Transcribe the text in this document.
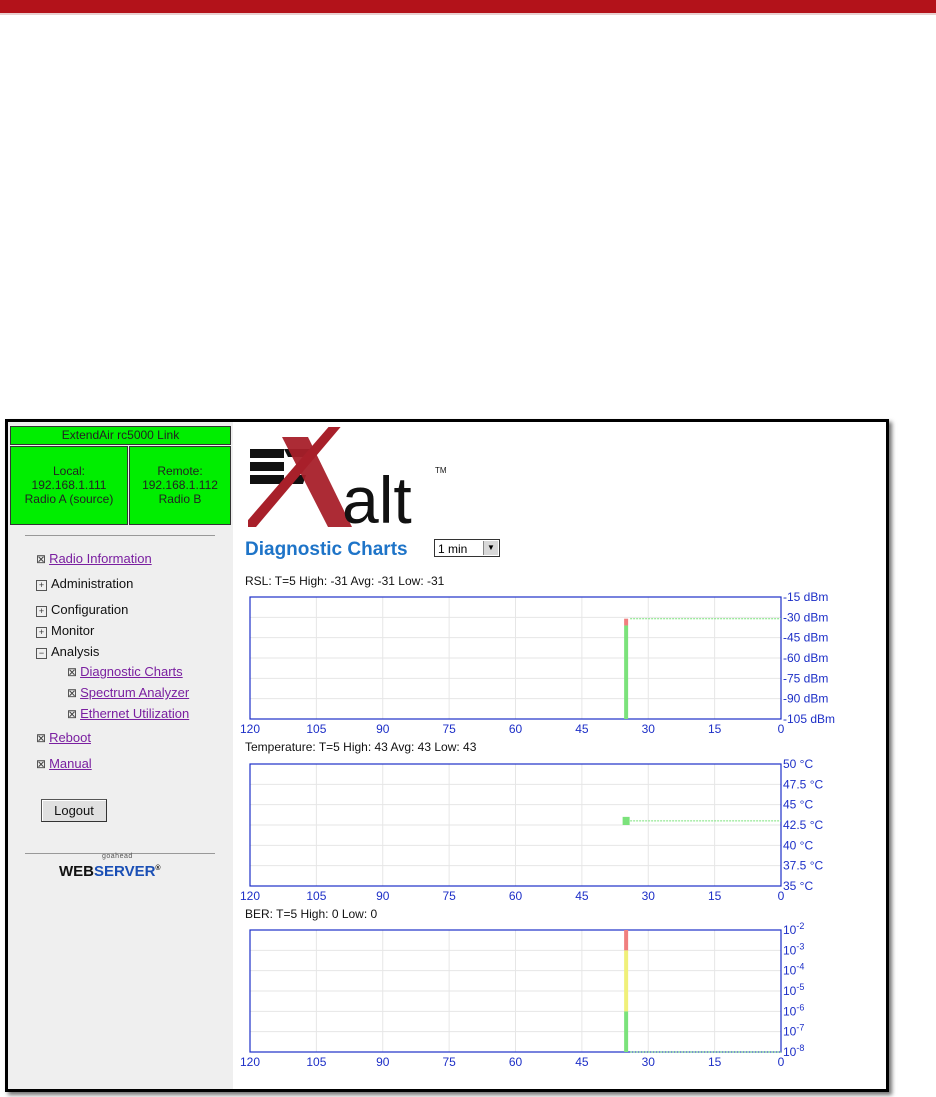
ExtendAir rc5000 Link
Local:
192.168.1.111
Radio A (source)
Remote:
192.168.1.112
Radio B
⊠ Radio Information
+ Administration
+ Configuration
+ Monitor
− Analysis
⊠ Diagnostic Charts
⊠ Spectrum Analyzer
⊠ Ethernet Utilization
⊠ Reboot
⊠ Manual
Logout
goahead
WEBSERVER®
alt	TM
Diagnostic Charts	1 min	▼
RSL: T=5 High: -31 Avg: -31 Low: -31
120	105	90	75	60	45	30	15	0
-15 dBm
-30 dBm
-45 dBm
-60 dBm
-75 dBm
-90 dBm
-105 dBm
Temperature: T=5 High: 43 Avg: 43 Low: 43
120	105	90	75	60	45	30	15	0
50 °C
47.5 °C
45 °C
42.5 °C
40 °C
37.5 °C
35 °C
BER: T=5 High: 0 Low: 0
120	105	90	75	60	45	30	15	0
$10^{-2}$
$10^{-3}$
$10^{-4}$
$10^{-5}$
$10^{-6}$
$10^{-7}$
$10^{-8}$
